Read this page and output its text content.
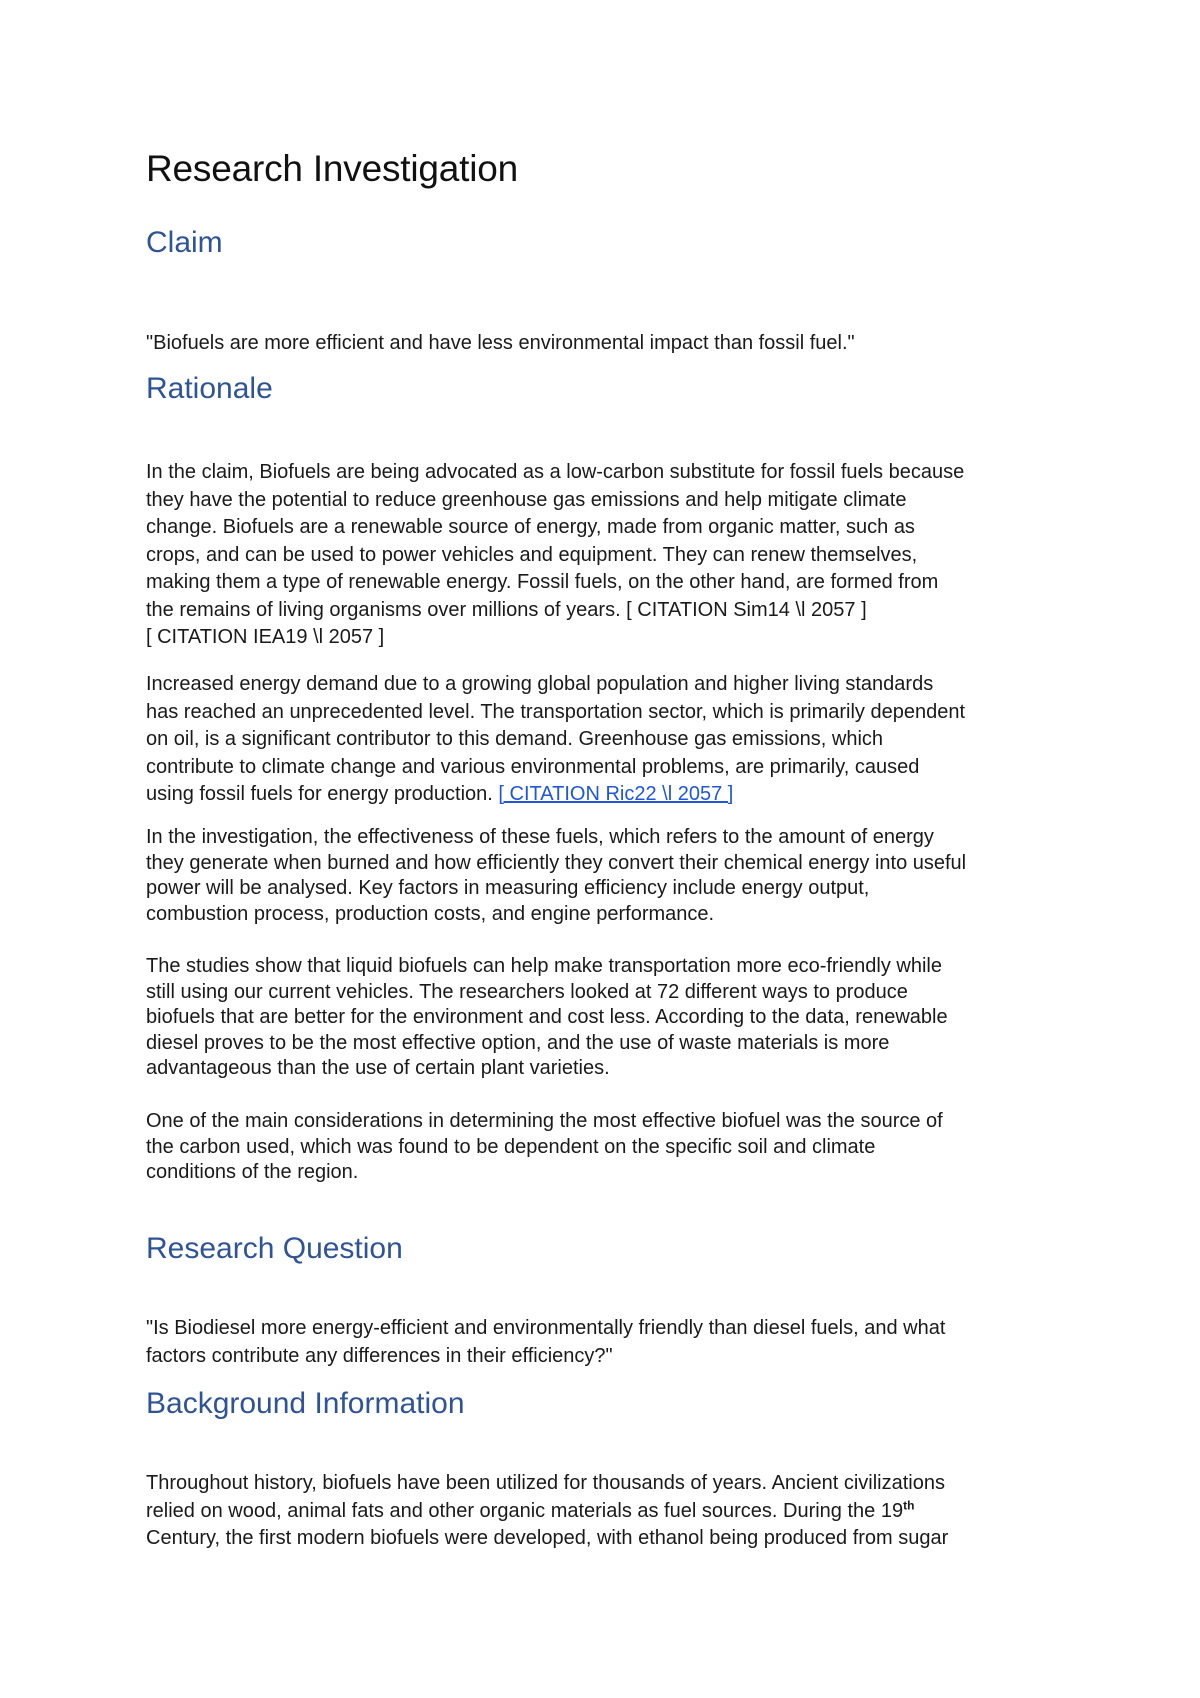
Research Investigation
Claim

"Biofuels are more efficient and have less environmental impact than fossil fuel."

Rationale

In the claim, Biofuels are being advocated as a low-carbon substitute for fossil fuels because
they have the potential to reduce greenhouse gas emissions and help mitigate climate
change. Biofuels are a renewable source of energy, made from organic matter, such as
crops, and can be used to power vehicles and equipment. They can renew themselves,
making them a type of renewable energy. Fossil fuels, on the other hand, are formed from
the remains of living organisms over millions of years. [ CITATION Sim14 \l 2057 ]
[ CITATION IEA19 \l 2057 ]

Increased energy demand due to a growing global population and higher living standards
has reached an unprecedented level. The transportation sector, which is primarily dependent
on oil, is a significant contributor to this demand. Greenhouse gas emissions, which
contribute to climate change and various environmental problems, are primarily, caused
using fossil fuels for energy production. [ CITATION Ric22 \l 2057 ]

In the investigation, the effectiveness of these fuels, which refers to the amount of energy
they generate when burned and how efficiently they convert their chemical energy into useful
power will be analysed. Key factors in measuring efficiency include energy output,
combustion process, production costs, and engine performance.

The studies show that liquid biofuels can help make transportation more eco-friendly while
still using our current vehicles. The researchers looked at 72 different ways to produce
biofuels that are better for the environment and cost less. According to the data, renewable
diesel proves to be the most effective option, and the use of waste materials is more
advantageous than the use of certain plant varieties.

One of the main considerations in determining the most effective biofuel was the source of
the carbon used, which was found to be dependent on the specific soil and climate
conditions of the region.

Research Question

"Is Biodiesel more energy-efficient and environmentally friendly than diesel fuels, and what
factors contribute any differences in their efficiency?"

Background Information

Throughout history, biofuels have been utilized for thousands of years. Ancient civilizations
relied on wood, animal fats and other organic materials as fuel sources. During the 19th
Century, the first modern biofuels were developed, with ethanol being produced from sugar
